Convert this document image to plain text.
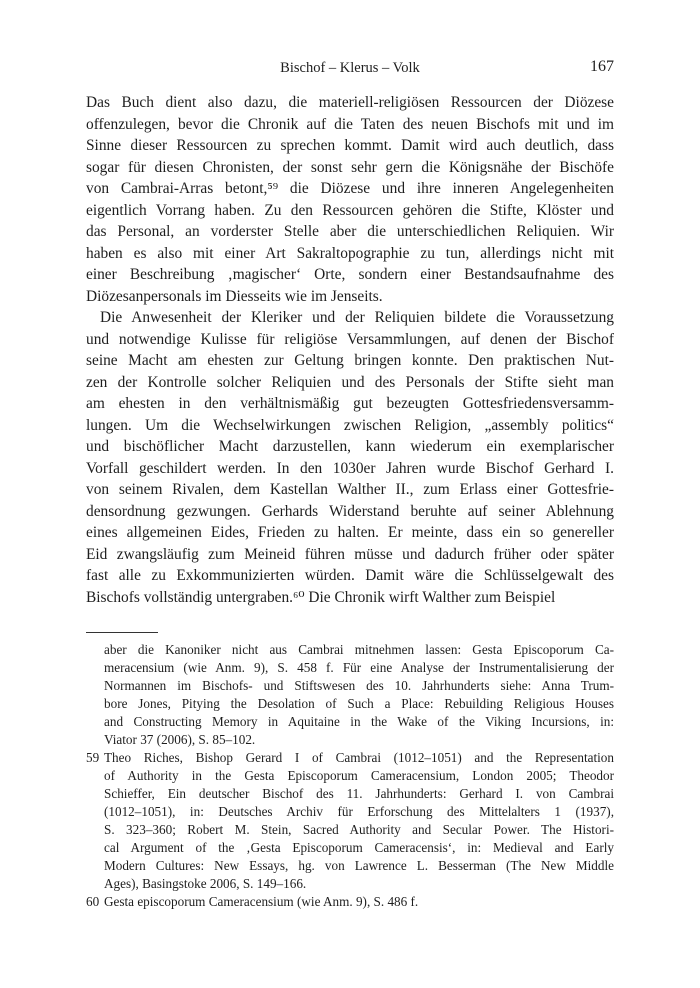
Bischof – Klerus – Volk	167

Das Buch dient also dazu, die materiell-religiösen Ressourcen der Diözese
offenzulegen, bevor die Chronik auf die Taten des neuen Bischofs mit und im
Sinne dieser Ressourcen zu sprechen kommt. Damit wird auch deutlich, dass
sogar für diesen Chronisten, der sonst sehr gern die Königsnähe der Bischöfe
von Cambrai-Arras betont,⁵⁹ die Diözese und ihre inneren Angelegenheiten
eigentlich Vorrang haben. Zu den Ressourcen gehören die Stifte, Klöster und
das Personal, an vorderster Stelle aber die unterschiedlichen Reliquien. Wir
haben es also mit einer Art Sakraltopographie zu tun, allerdings nicht mit
einer Beschreibung ‚magischer‘ Orte, sondern einer Bestandsaufnahme des
Diözesanpersonals im Diesseits wie im Jenseits.

Die Anwesenheit der Kleriker und der Reliquien bildete die Voraussetzung
und notwendige Kulisse für religiöse Versammlungen, auf denen der Bischof
seine Macht am ehesten zur Geltung bringen konnte. Den praktischen Nut-
zen der Kontrolle solcher Reliquien und des Personals der Stifte sieht man
am ehesten in den verhältnismäßig gut bezeugten Gottesfriedensversamm-
lungen. Um die Wechselwirkungen zwischen Religion, „assembly politics“
und bischöflicher Macht darzustellen, kann wiederum ein exemplarischer
Vorfall geschildert werden. In den 1030er Jahren wurde Bischof Gerhard I.
von seinem Rivalen, dem Kastellan Walther II., zum Erlass einer Gottesfrie-
densordnung gezwungen. Gerhards Widerstand beruhte auf seiner Ablehnung
eines allgemeinen Eides, Frieden zu halten. Er meinte, dass ein so genereller
Eid zwangsläufig zum Meineid führen müsse und dadurch früher oder später
fast alle zu Exkommunizierten würden. Damit wäre die Schlüsselgewalt des
Bischofs vollständig untergraben.⁶⁰ Die Chronik wirft Walther zum Beispiel

aber die Kanoniker nicht aus Cambrai mitnehmen lassen: Gesta Episcoporum Ca-
meracensium (wie Anm. 9), S. 458 f. Für eine Analyse der Instrumentalisierung der
Normannen im Bischofs- und Stiftswesen des 10. Jahrhunderts siehe: Anna Trum-
bore Jones, Pitying the Desolation of Such a Place: Rebuilding Religious Houses
and Constructing Memory in Aquitaine in the Wake of the Viking Incursions, in:
Viator 37 (2006), S. 85–102.
59 Theo Riches, Bishop Gerard I of Cambrai (1012–1051) and the Representation
of Authority in the Gesta Episcoporum Cameracensium, London 2005; Theodor
Schieffer, Ein deutscher Bischof des 11. Jahrhunderts: Gerhard I. von Cambrai
(1012–1051), in: Deutsches Archiv für Erforschung des Mittelalters 1 (1937),
S. 323–360; Robert M. Stein, Sacred Authority and Secular Power. The Histori-
cal Argument of the ‚Gesta Episcoporum Cameracensis‘, in: Medieval and Early
Modern Cultures: New Essays, hg. von Lawrence L. Besserman (The New Middle
Ages), Basingstoke 2006, S. 149–166.
60 Gesta episcoporum Cameracensium (wie Anm. 9), S. 486 f.
